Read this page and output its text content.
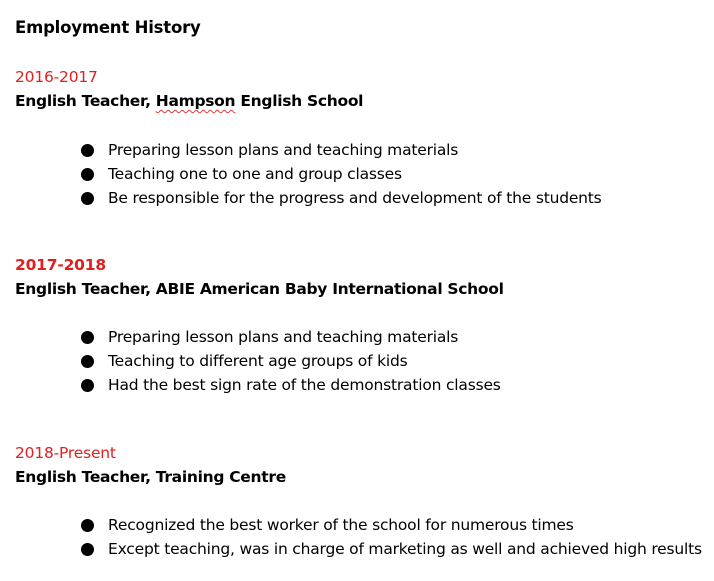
Employment History
2016-2017
English Teacher, Hampson English School
Preparing lesson plans and teaching materials
Teaching one to one and group classes
Be responsible for the progress and development of the students
2017-2018
English Teacher, ABIE American Baby International School
Preparing lesson plans and teaching materials
Teaching to different age groups of kids
Had the best sign rate of the demonstration classes
2018-Present
English Teacher, Training Centre
Recognized the best worker of the school for numerous times
Except teaching, was in charge of marketing as well and achieved high results
